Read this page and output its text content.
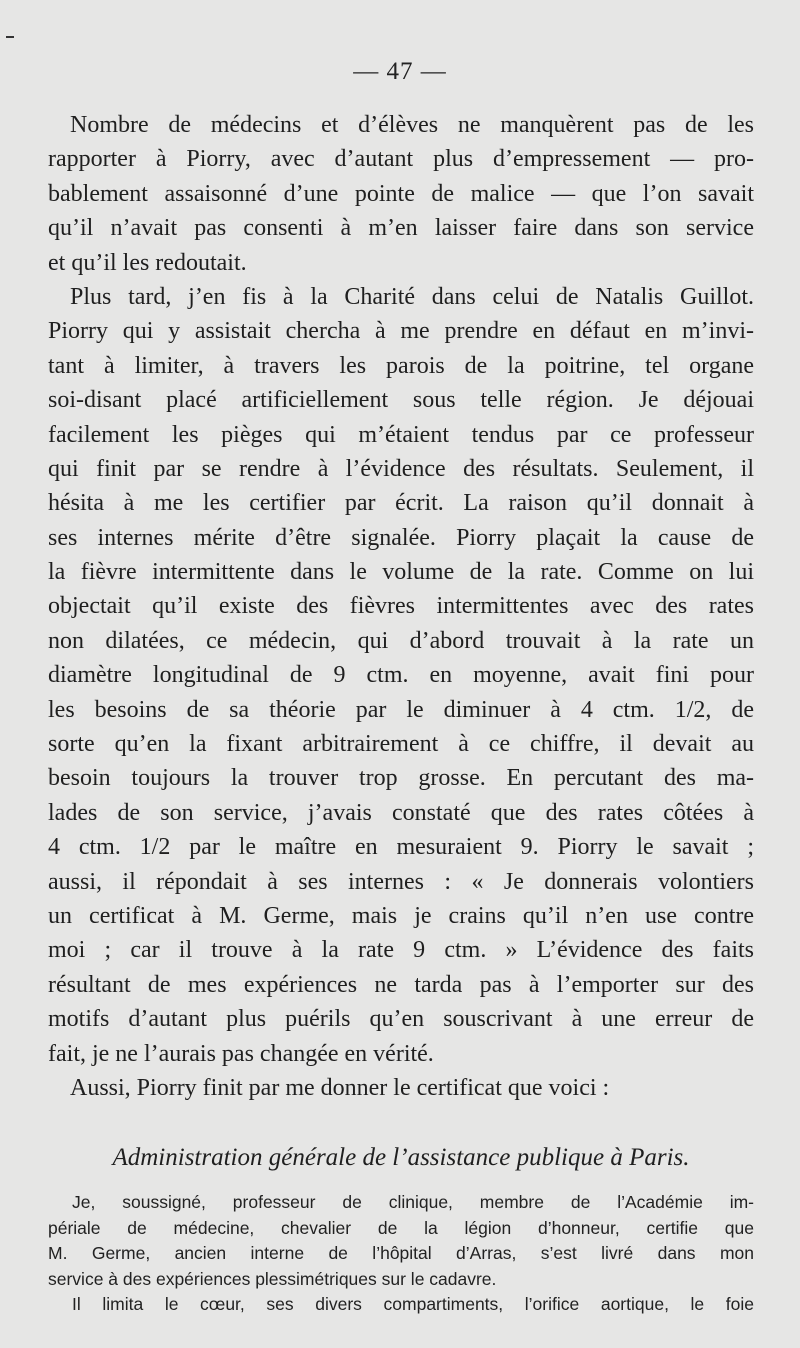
— 47 —
Nombre de médecins et d’élèves ne manquèrent pas de les
rapporter à Piorry, avec d’autant plus d’empressement — pro-
bablement assaisonné d’une pointe de malice — que l’on savait
qu’il n’avait pas consenti à m’en laisser faire dans son service
et qu’il les redoutait.
Plus tard, j’en fis à la Charité dans celui de Natalis Guillot.
Piorry qui y assistait chercha à me prendre en défaut en m’invi-
tant à limiter, à travers les parois de la poitrine, tel organe
soi-disant placé artificiellement sous telle région. Je déjouai
facilement les pièges qui m’étaient tendus par ce professeur
qui finit par se rendre à l’évidence des résultats. Seulement, il
hésita à me les certifier par écrit. La raison qu’il donnait à
ses internes mérite d’être signalée. Piorry plaçait la cause de
la fièvre intermittente dans le volume de la rate. Comme on lui
objectait qu’il existe des fièvres intermittentes avec des rates
non dilatées, ce médecin, qui d’abord trouvait à la rate un
diamètre longitudinal de 9 ctm. en moyenne, avait fini pour
les besoins de sa théorie par le diminuer à 4 ctm. 1/2, de
sorte qu’en la fixant arbitrairement à ce chiffre, il devait au
besoin toujours la trouver trop grosse. En percutant des ma-
lades de son service, j’avais constaté que des rates côtées à
4 ctm. 1/2 par le maître en mesuraient 9. Piorry le savait ;
aussi, il répondait à ses internes : « Je donnerais volontiers
un certificat à M. Germe, mais je crains qu’il n’en use contre
moi ; car il trouve à la rate 9 ctm. » L’évidence des faits
résultant de mes expériences ne tarda pas à l’emporter sur des
motifs d’autant plus puérils qu’en souscrivant à une erreur de
fait, je ne l’aurais pas changée en vérité.
Aussi, Piorry finit par me donner le certificat que voici :
Administration générale de l’assistance publique à Paris.
Je, soussigné, professeur de clinique, membre de l’Académie im-
périale de médecine, chevalier de la légion d’honneur, certifie que
M. Germe, ancien interne de l’hôpital d’Arras, s’est livré dans mon
service à des expériences plessimétriques sur le cadavre.
Il limita le cœur, ses divers compartiments, l’orifice aortique, le foie
